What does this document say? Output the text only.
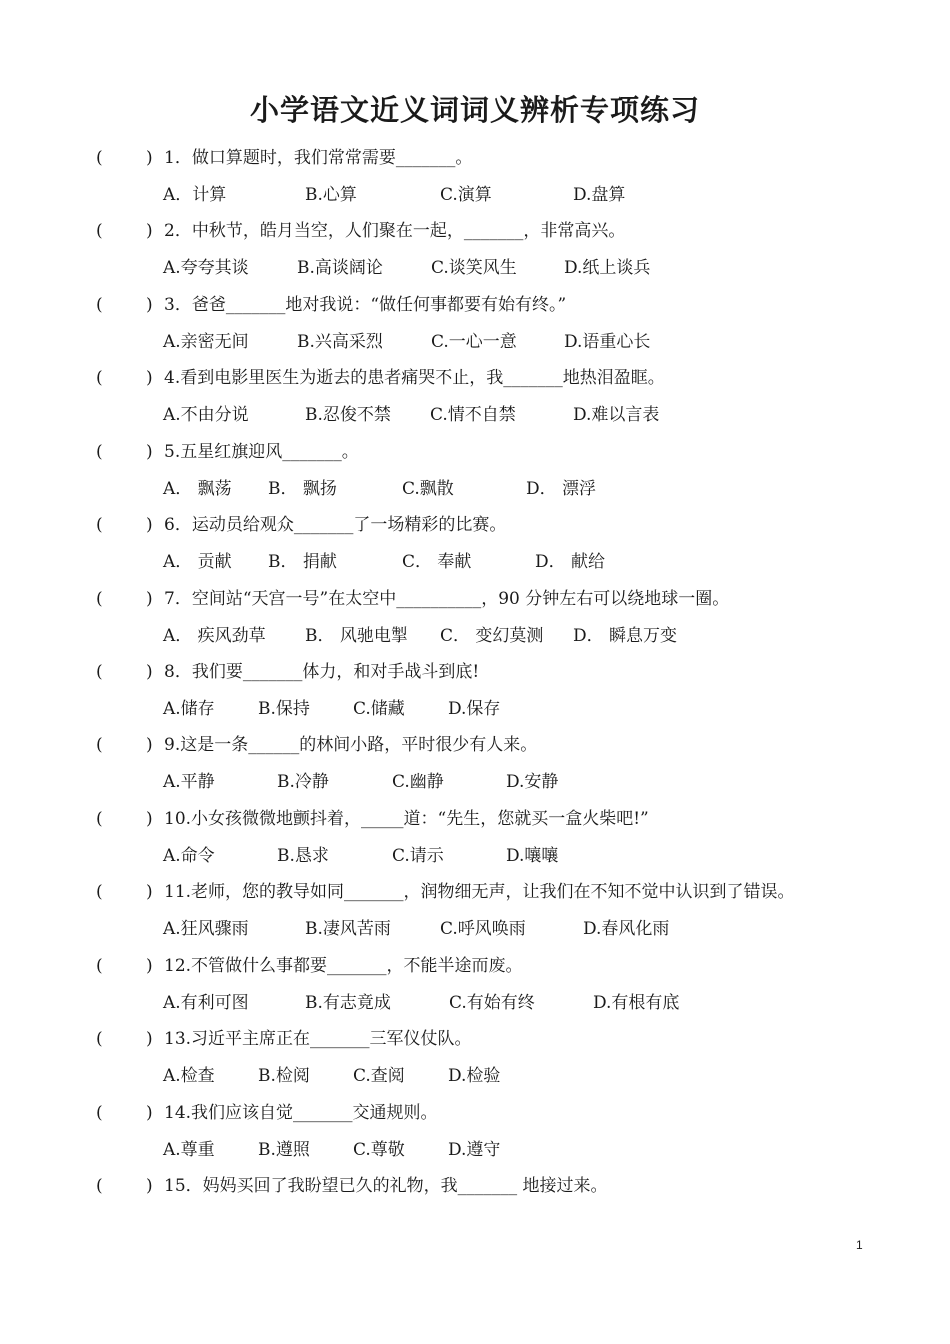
小学语文近义词词义辨析专项练习
(	) 1．做口算题时，我们常常需要_______。
A．计算	B.心算	C.演算	D.盘算
(	) 2．中秋节，皓月当空，人们聚在一起，_______，非常高兴。
A.夸夸其谈	B.高谈阔论	C.谈笑风生	D.纸上谈兵
(	) 3．爸爸_______地对我说：“做任何事都要有始有终。”
A.亲密无间	B.兴高采烈	C.一心一意	D.语重心长
(	) 4.看到电影里医生为逝去的患者痛哭不止，我_______地热泪盈眶。
A.不由分说	B.忍俊不禁 C.情不自禁	D.难以言表
(	) 5.五星红旗迎风_______。
A． 飘荡 B． 飘扬	C.飘散	D． 漂浮
(	) 6．运动员给观众_______了一场精彩的比赛。
A． 贡献 B． 捐献	C． 奉献	D． 献给
(	) 7．空间站“天宫一号”在太空中__________，90 分钟左右可以绕地球一圈。
A． 疾风劲草 B． 风驰电掣 C． 变幻莫测 D． 瞬息万变
(	) 8．我们要_______体力，和对手战斗到底!
A.储存	B.保持	C.储藏	D.保存
(	) 9.这是一条______的林间小路，平时很少有人来。
A.平静	B.冷静	C.幽静	D.安静
(	) 10.小女孩微微地颤抖着，_____道：“先生，您就买一盒火柴吧!”
A.命令	B.恳求	C.请示	D.嚷嚷
(	) 11.老师，您的教导如同_______，润物细无声，让我们在不知不觉中认识到了错误。
A.狂风骤雨	B.凄风苦雨	C.呼风唤雨	D.春风化雨
(	) 12.不管做什么事都要_______，不能半途而废。
A.有利可图	B.有志竟成	C.有始有终	D.有根有底
(	) 13.习近平主席正在_______三军仪仗队。
A.检查	B.检阅	C.查阅	D.检验
(	) 14.我们应该自觉_______交通规则。
A.尊重	B.遵照	C.尊敬	D.遵守
(	) 15．妈妈买回了我盼望已久的礼物，我_______ 地接过来。
1
